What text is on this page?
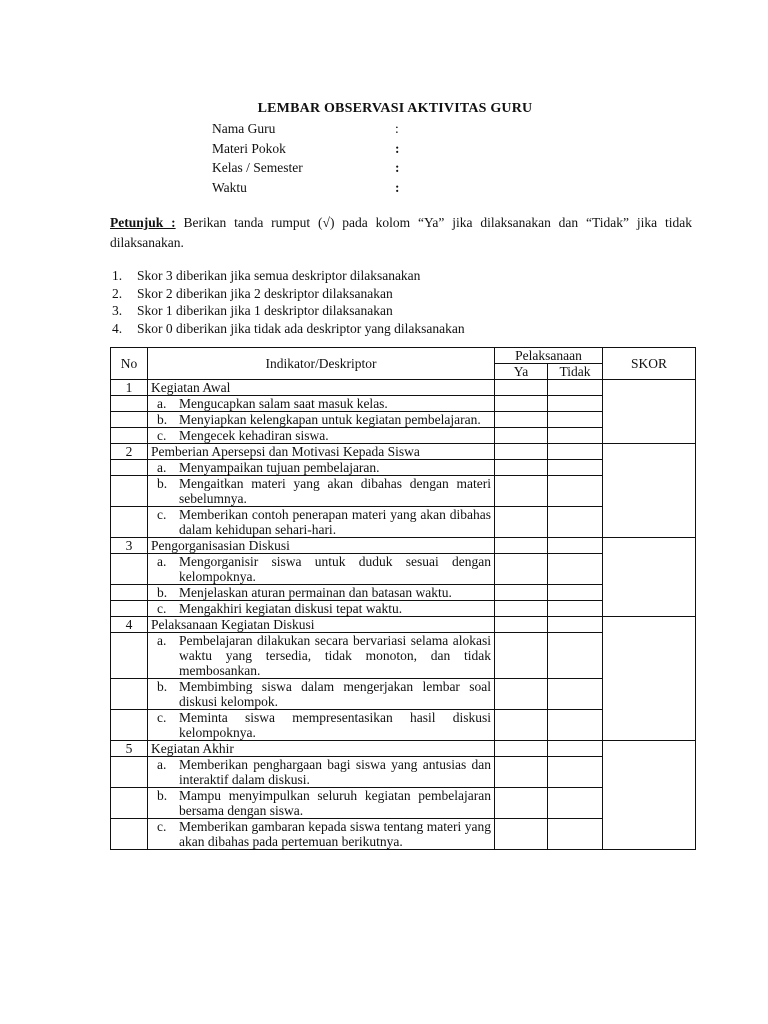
LEMBAR OBSERVASI AKTIVITAS GURU
Nama Guru	:
Materi Pokok	:
Kelas / Semester	:
Waktu	:
Petunjuk : Berikan tanda rumput (√) pada kolom “Ya” jika dilaksanakan dan “Tidak” jika tidak dilaksanakan.
1. Skor 3 diberikan jika semua deskriptor dilaksanakan
2. Skor 2 diberikan jika 2 deskriptor dilaksanakan
3. Skor 1 diberikan jika 1 deskriptor dilaksanakan
4. Skor 0 diberikan jika tidak ada deskriptor yang dilaksanakan
No	Indikator/Deskriptor	Pelaksanaan		SKOR
		Ya	Tidak	
1	Kegiatan Awal			

	a. Mengucapkan salam saat masuk kelas.			

	b. Menyiapkan kelengkapan untuk kegiatan pembelajaran.			

	c. Mengecek kehadiran siswa.			

2	Pemberian Apersepsi dan Motivasi Kepada Siswa			

	a. Menyampaikan tujuan pembelajaran.			

	b. Mengaitkan materi yang akan dibahas dengan materi sebelumnya.			

	c. Memberikan contoh penerapan materi yang akan dibahas dalam kehidupan sehari-hari.			

3	Pengorganisasian Diskusi			

	a. Mengorganisir siswa untuk duduk sesuai dengan kelompoknya.			

	b. Menjelaskan aturan permainan dan batasan waktu.			

	c. Mengakhiri kegiatan diskusi tepat waktu.			

4	Pelaksanaan Kegiatan Diskusi			

	a. Pembelajaran dilakukan secara bervariasi selama alokasi waktu yang tersedia, tidak monoton, dan tidak membosankan.			

	b. Membimbing siswa dalam mengerjakan lembar soal diskusi kelompok.			

	c. Meminta siswa mempresentasikan hasil diskusi kelompoknya.			

5	Kegiatan Akhir			

	a. Memberikan penghargaan bagi siswa yang antusias dan interaktif dalam diskusi.			

	b. Mampu menyimpulkan seluruh kegiatan pembelajaran bersama dengan siswa.			

	c. Memberikan gambaran kepada siswa tentang materi yang akan dibahas pada pertemuan berikutnya.			
